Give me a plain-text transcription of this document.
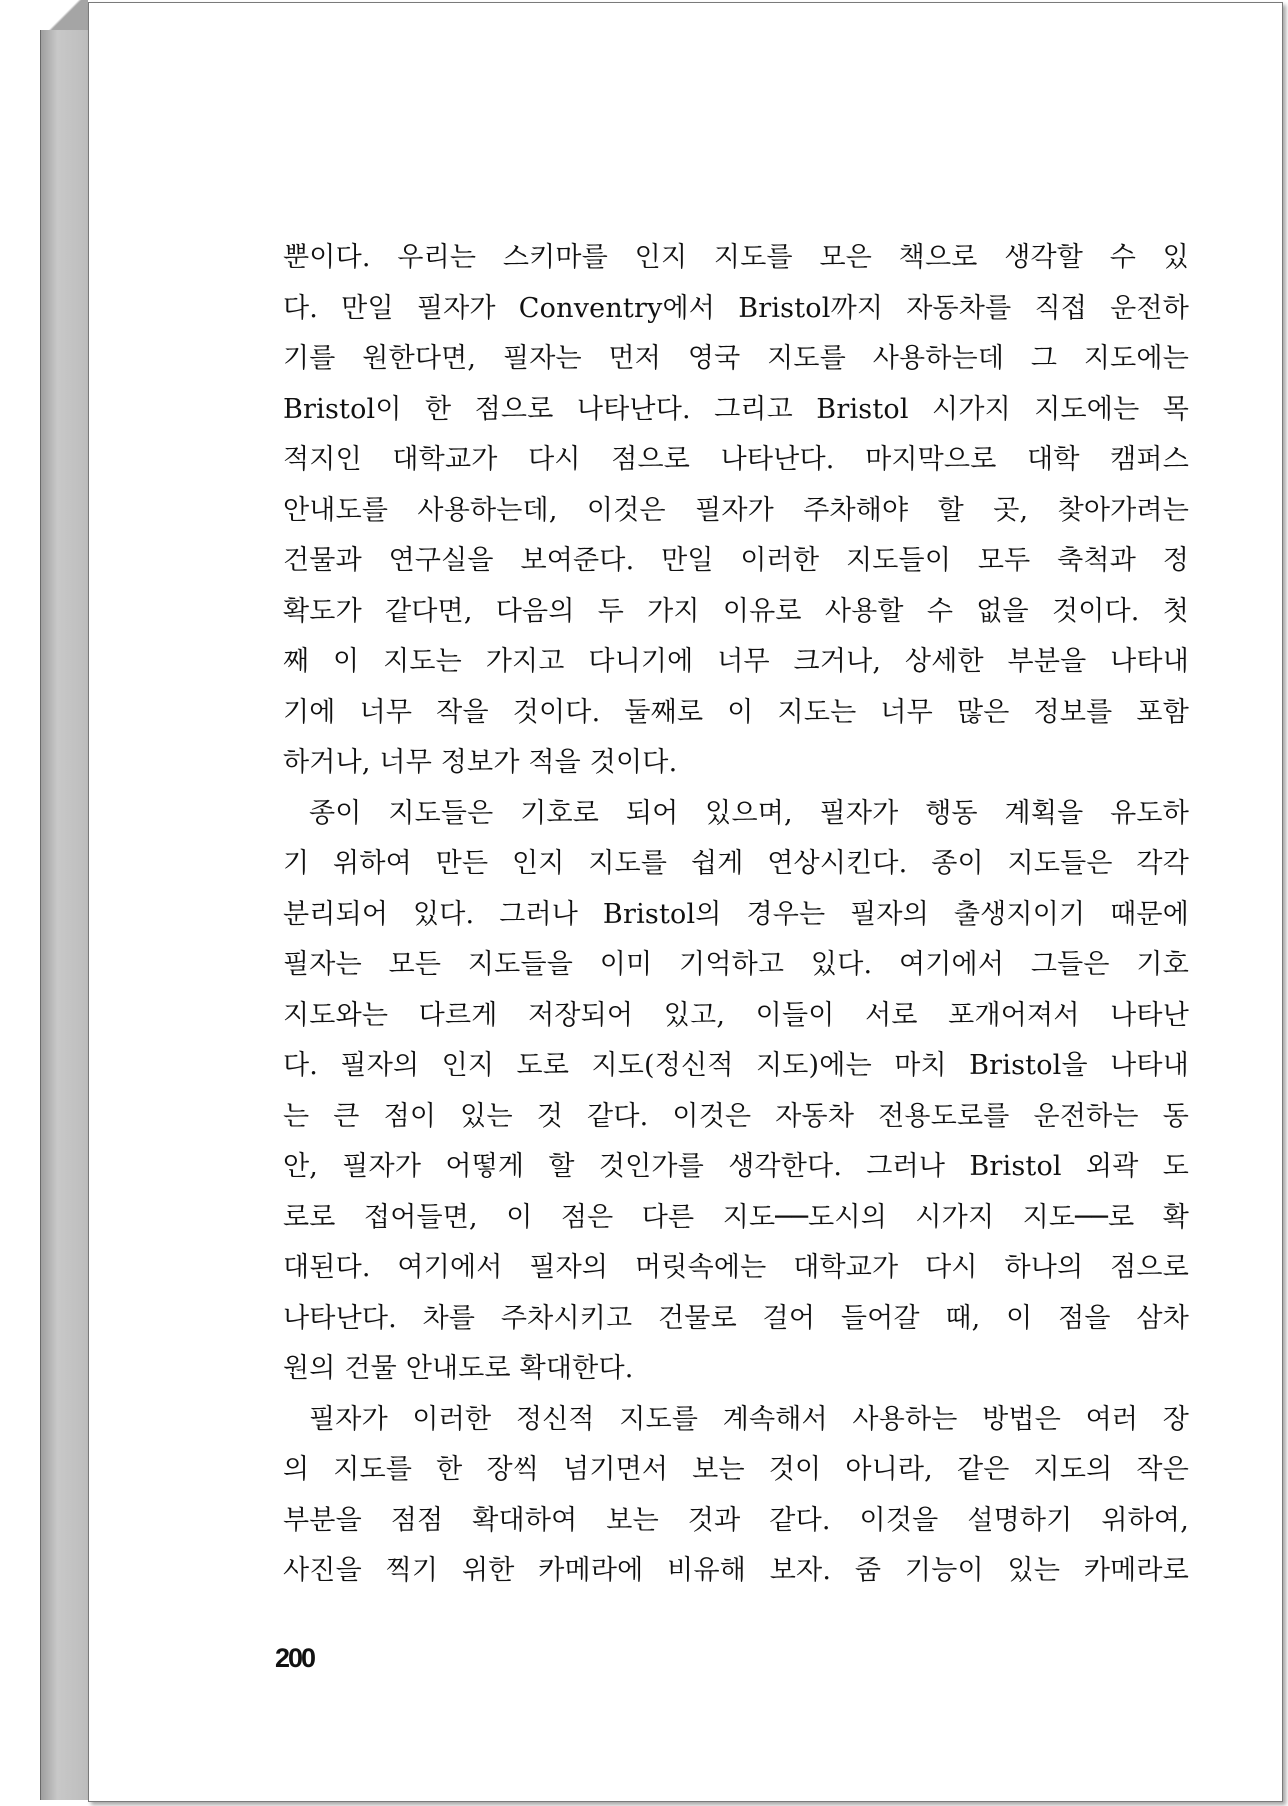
뿐이다. 우리는 스키마를 인지 지도를 모은 책으로 생각할 수 있
다. 만일 필자가 Conventry에서 Bristol까지 자동차를 직접 운전하
기를 원한다면, 필자는 먼저 영국 지도를 사용하는데 그 지도에는
Bristol이 한 점으로 나타난다. 그리고 Bristol 시가지 지도에는 목
적지인 대학교가 다시 점으로 나타난다. 마지막으로 대학 캠퍼스
안내도를 사용하는데, 이것은 필자가 주차해야 할 곳, 찾아가려는
건물과 연구실을 보여준다. 만일 이러한 지도들이 모두 축척과 정
확도가 같다면, 다음의 두 가지 이유로 사용할 수 없을 것이다. 첫
째 이 지도는 가지고 다니기에 너무 크거나, 상세한 부분을 나타내
기에 너무 작을 것이다. 둘째로 이 지도는 너무 많은 정보를 포함
하거나, 너무 정보가 적을 것이다.

종이 지도들은 기호로 되어 있으며, 필자가 행동 계획을 유도하
기 위하여 만든 인지 지도를 쉽게 연상시킨다. 종이 지도들은 각각
분리되어 있다. 그러나 Bristol의 경우는 필자의 출생지이기 때문에
필자는 모든 지도들을 이미 기억하고 있다. 여기에서 그들은 기호
지도와는 다르게 저장되어 있고, 이들이 서로 포개어져서 나타난
다. 필자의 인지 도로 지도(정신적 지도)에는 마치 Bristol을 나타내
는 큰 점이 있는 것 같다. 이것은 자동차 전용도로를 운전하는 동
안, 필자가 어떻게 할 것인가를 생각한다. 그러나 Bristol 외곽 도
로로 접어들면, 이 점은 다른 지도──도시의 시가지 지도──로 확
대된다. 여기에서 필자의 머릿속에는 대학교가 다시 하나의 점으로
나타난다. 차를 주차시키고 건물로 걸어 들어갈 때, 이 점을 삼차
원의 건물 안내도로 확대한다.

필자가 이러한 정신적 지도를 계속해서 사용하는 방법은 여러 장
의 지도를 한 장씩 넘기면서 보는 것이 아니라, 같은 지도의 작은
부분을 점점 확대하여 보는 것과 같다. 이것을 설명하기 위하여,
사진을 찍기 위한 카메라에 비유해 보자. 줌 기능이 있는 카메라로

200
